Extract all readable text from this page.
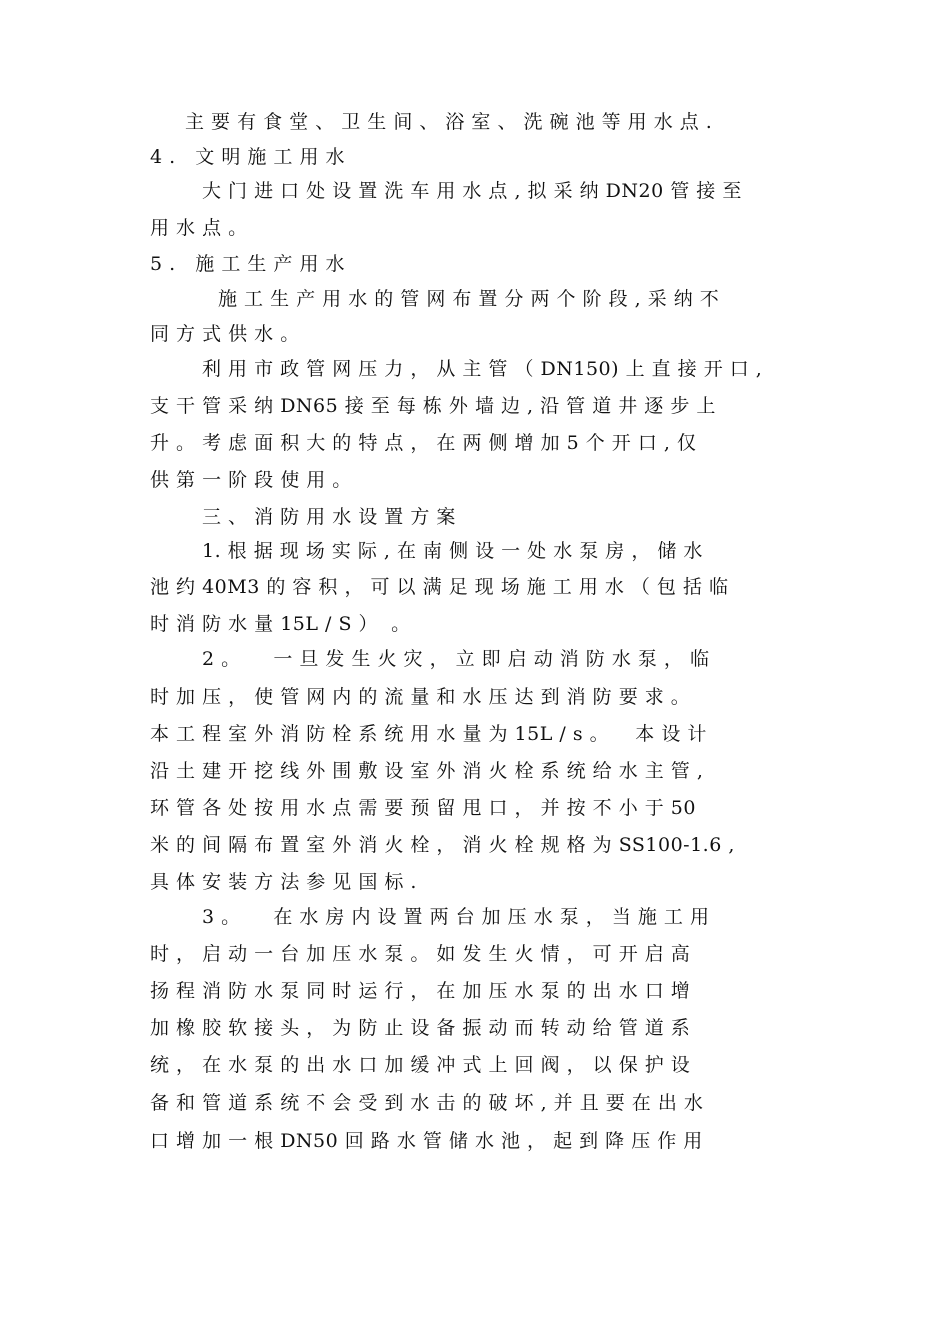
主 要 有 食 堂 、 卫 生 间 、 浴 室 、 洗 碗 池 等 用 水 点 .
4 .   文 明 施 工 用 水
大 门 进 口 处 设 置 洗 车 用 水 点 , 拟 采 纳 DN20 管 接 至
用 水 点 。
5 .   施 工 生 产 用 水
施 工 生 产 用 水 的 管 网 布 置 分 两 个 阶 段 , 采 纳 不
同 方 式 供 水 。
利 用 市 政 管 网 压 力 ， 从 主 管 （ DN150) 上 直 接 开 口 ,
支 干 管 采 纳 DN65 接 至 每 栋 外 墙 边 , 沿 管 道 井 逐 步 上
升 。 考 虑 面 积 大 的 特 点 ， 在 两 侧 增 加 5 个 开 口 , 仅
供 第 一 阶 段 使 用 。
三 、 消 防 用 水 设 置 方 案
1. 根 据 现 场 实 际 , 在 南 侧 设 一 处 水 泵 房 ， 储 水
池 约 40M3 的 容 积 ， 可 以 满 足 现 场 施 工 用 水 （ 包 括 临
时 消 防 水 量 15L / S ）  。
2 。     一 旦 发 生 火 灾 ， 立 即 启 动 消 防 水 泵 ， 临
时 加 压 ， 使 管 网 内 的 流 量 和 水 压 达 到 消 防 要 求 。
本 工 程 室 外 消 防 栓 系 统 用 水 量 为 15L / s 。    本 设 计
沿 土 建 开 挖 线 外 围 敷 设 室 外 消 火 栓 系 统 给 水 主 管 ,
环 管 各 处 按 用 水 点 需 要 预 留 甩 口 ， 并 按 不 小 于 50
米 的 间 隔 布 置 室 外 消 火 栓 ， 消 火 栓 规 格 为 SS100-1.6 ,
具 体 安 装 方 法 参 见 国 标 .
3 。     在 水 房 内 设 置 两 台 加 压 水 泵 ， 当 施 工 用
时 ， 启 动 一 台 加 压 水 泵 。 如 发 生 火 情 ， 可 开 启 高
扬 程 消 防 水 泵 同 时 运 行 ， 在 加 压 水 泵 的 出 水 口 增
加 橡 胶 软 接 头 ， 为 防 止 设 备 振 动 而 转 动 给 管 道 系
统 ， 在 水 泵 的 出 水 口 加 缓 冲 式 上 回 阀 ， 以 保 护 设
备 和 管 道 系 统 不 会 受 到 水 击 的 破 坏 , 并 且 要 在 出 水
口 增 加 一 根 DN50 回 路 水 管 储 水 池 ， 起 到 降 压 作 用
